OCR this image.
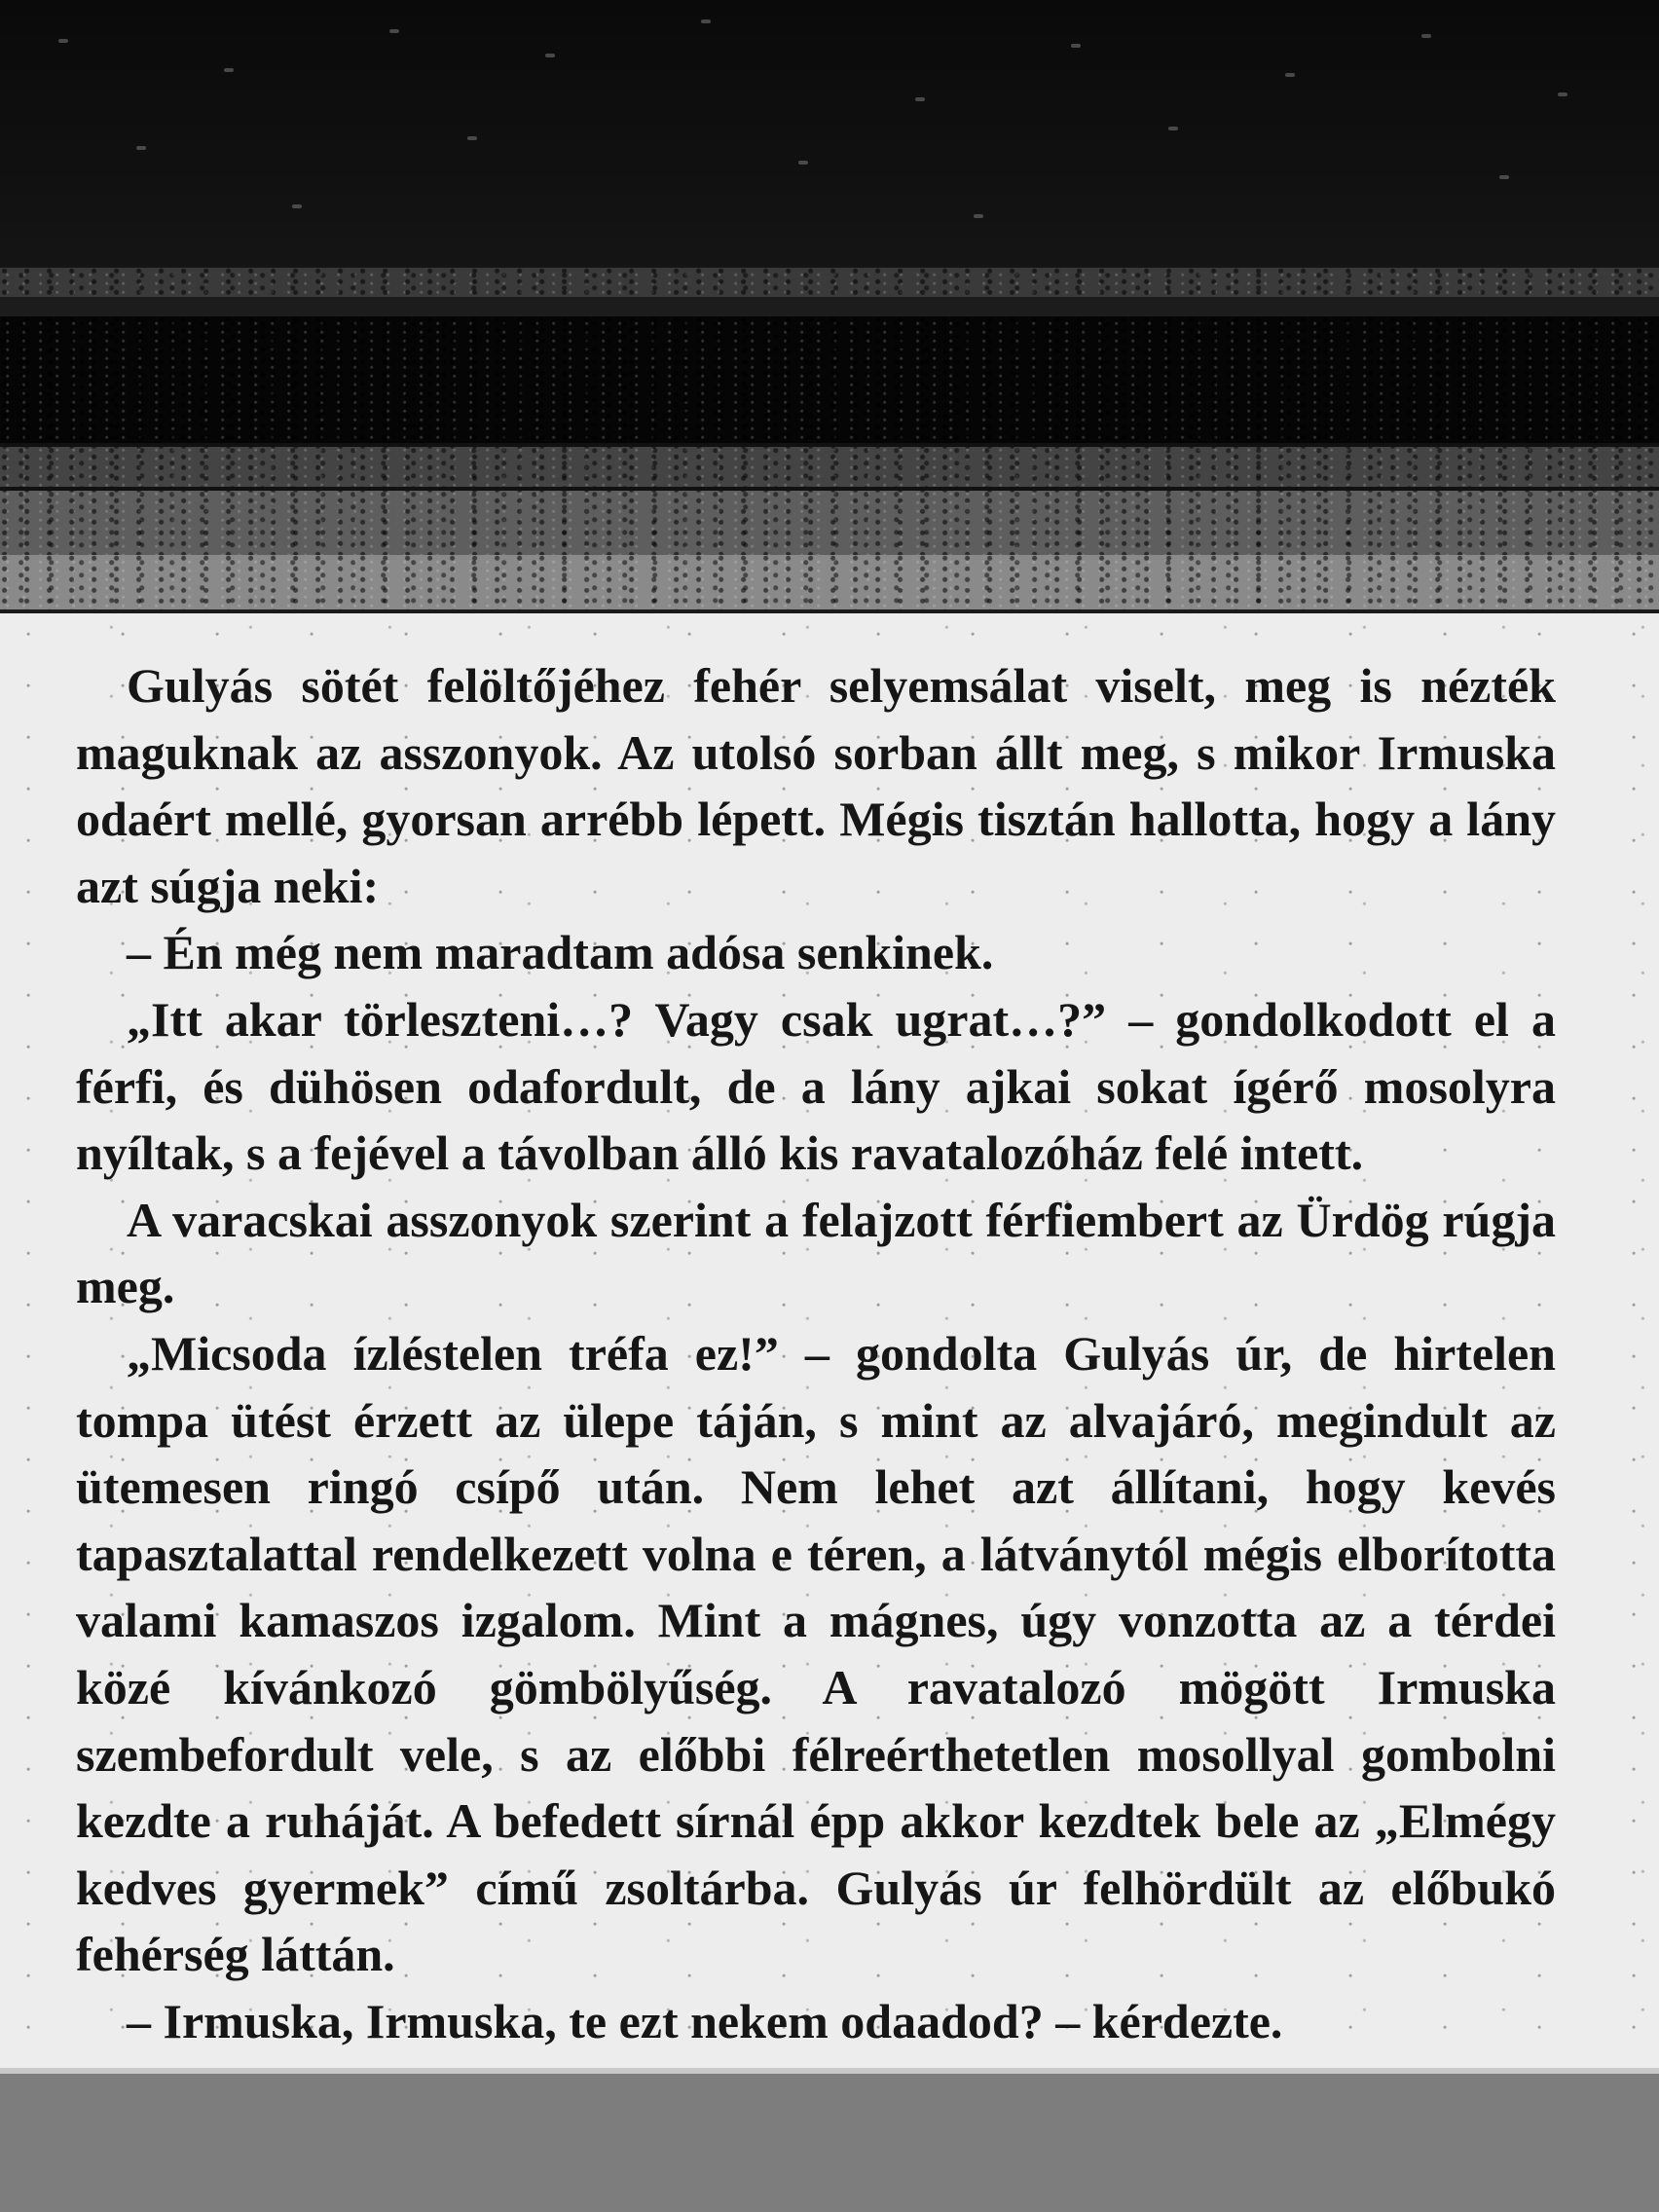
Gulyás sötét felöltőjéhez fehér selyemsálat viselt, meg is nézték maguknak az asszonyok. Az utolsó sorban állt meg, s mikor Irmuska odaért mellé, gyorsan arrébb lépett. Mégis tisztán hallotta, hogy a lány azt súgja neki:

– Én még nem maradtam adósa senkinek.

„Itt akar törleszteni…? Vagy csak ugrat…?” – gondolkodott el a férfi, és dühösen odafordult, de a lány ajkai sokat ígérő mosolyra nyíltak, s a fejével a távolban álló kis ravatalozóház felé intett.

A varacskai asszonyok szerint a felajzott férfiembert az Ürdög rúgja meg.

„Micsoda ízléstelen tréfa ez!” – gondolta Gulyás úr, de hirtelen tompa ütést érzett az ülepe táján, s mint az alvajáró, megindult az ütemesen ringó csípő után. Nem lehet azt állítani, hogy kevés tapasztalattal rendelkezett volna e téren, a látványtól mégis elborította valami kamaszos izgalom. Mint a mágnes, úgy vonzotta az a térdei közé kívánkozó gömbölyűség. A ravatalozó mögött Irmuska szembefordult vele, s az előbbi félreérthetetlen mosollyal gombolni kezdte a ruháját. A befedett sírnál épp akkor kezdtek bele az „Elmégy kedves gyermek” című zsoltárba. Gulyás úr felhördült az előbukó fehérség láttán.

– Irmuska, Irmuska, te ezt nekem odaadod? – kérdezte.
